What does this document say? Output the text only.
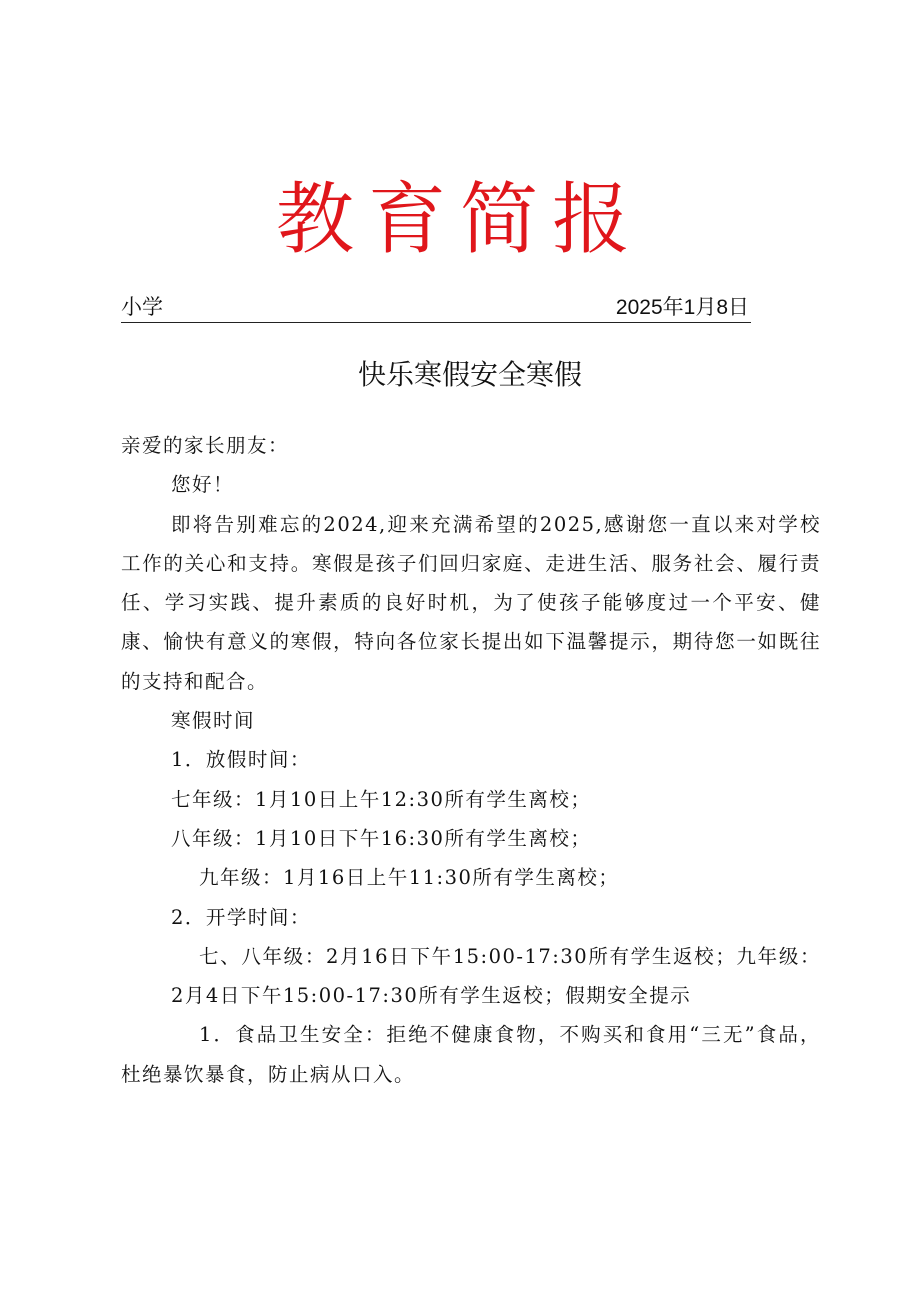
教育简报
小学	2025年1月8日
快乐寒假安全寒假

亲爱的家长朋友：

您好！

即将告别难忘的2024,迎来充满希望的2025,感谢您一直以来对学校工作的关心和支持。寒假是孩子们回归家庭、走进生活、服务社会、履行责任、学习实践、提升素质的良好时机，为了使孩子能够度过一个平安、健康、愉快有意义的寒假，特向各位家长提出如下温馨提示，期待您一如既往的支持和配合。

寒假时间

1．放假时间：

七年级：1月10日上午12:30所有学生离校；

八年级：1月10日下午16:30所有学生离校；

九年级：1月16日上午11:30所有学生离校；

2．开学时间：

七、八年级：2月16日下午15:00-17:30所有学生返校；九年级：2月4日下午15:00-17:30所有学生返校；假期安全提示

1．食品卫生安全：拒绝不健康食物，不购买和食用“三无”食品，杜绝暴饮暴食，防止病从口入。
